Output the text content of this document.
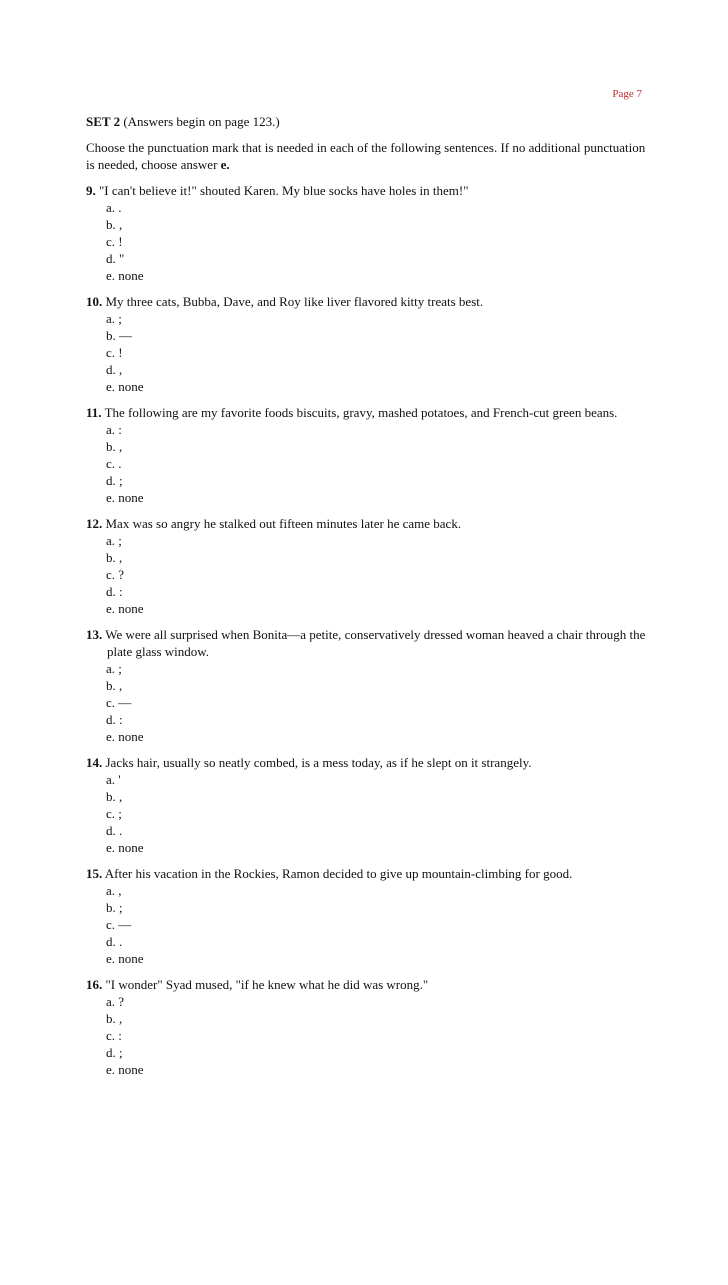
Page 7
SET 2 (Answers begin on page 123.)
Choose the punctuation mark that is needed in each of the following sentences. If no additional punctuation is needed, choose answer e.
9. "I can't believe it!" shouted Karen. My blue socks have holes in them!"
a. .
b. ,
c. !
d. "
e. none
10. My three cats, Bubba, Dave, and Roy like liver flavored kitty treats best.
a. ;
b. —
c. !
d. ,
e. none
11. The following are my favorite foods biscuits, gravy, mashed potatoes, and French-cut green beans.
a. :
b. ,
c. .
d. ;
e. none
12. Max was so angry he stalked out fifteen minutes later he came back.
a. ;
b. ,
c. ?
d. :
e. none
13. We were all surprised when Bonita—a petite, conservatively dressed woman heaved a chair through the plate glass window.
a. ;
b. ,
c. —
d. :
e. none
14. Jacks hair, usually so neatly combed, is a mess today, as if he slept on it strangely.
a. '
b. ,
c. ;
d. .
e. none
15. After his vacation in the Rockies, Ramon decided to give up mountain-climbing for good.
a. ,
b. ;
c. —
d. .
e. none
16. "I wonder" Syad mused, "if he knew what he did was wrong."
a. ?
b. ,
c. :
d. ;
e. none
